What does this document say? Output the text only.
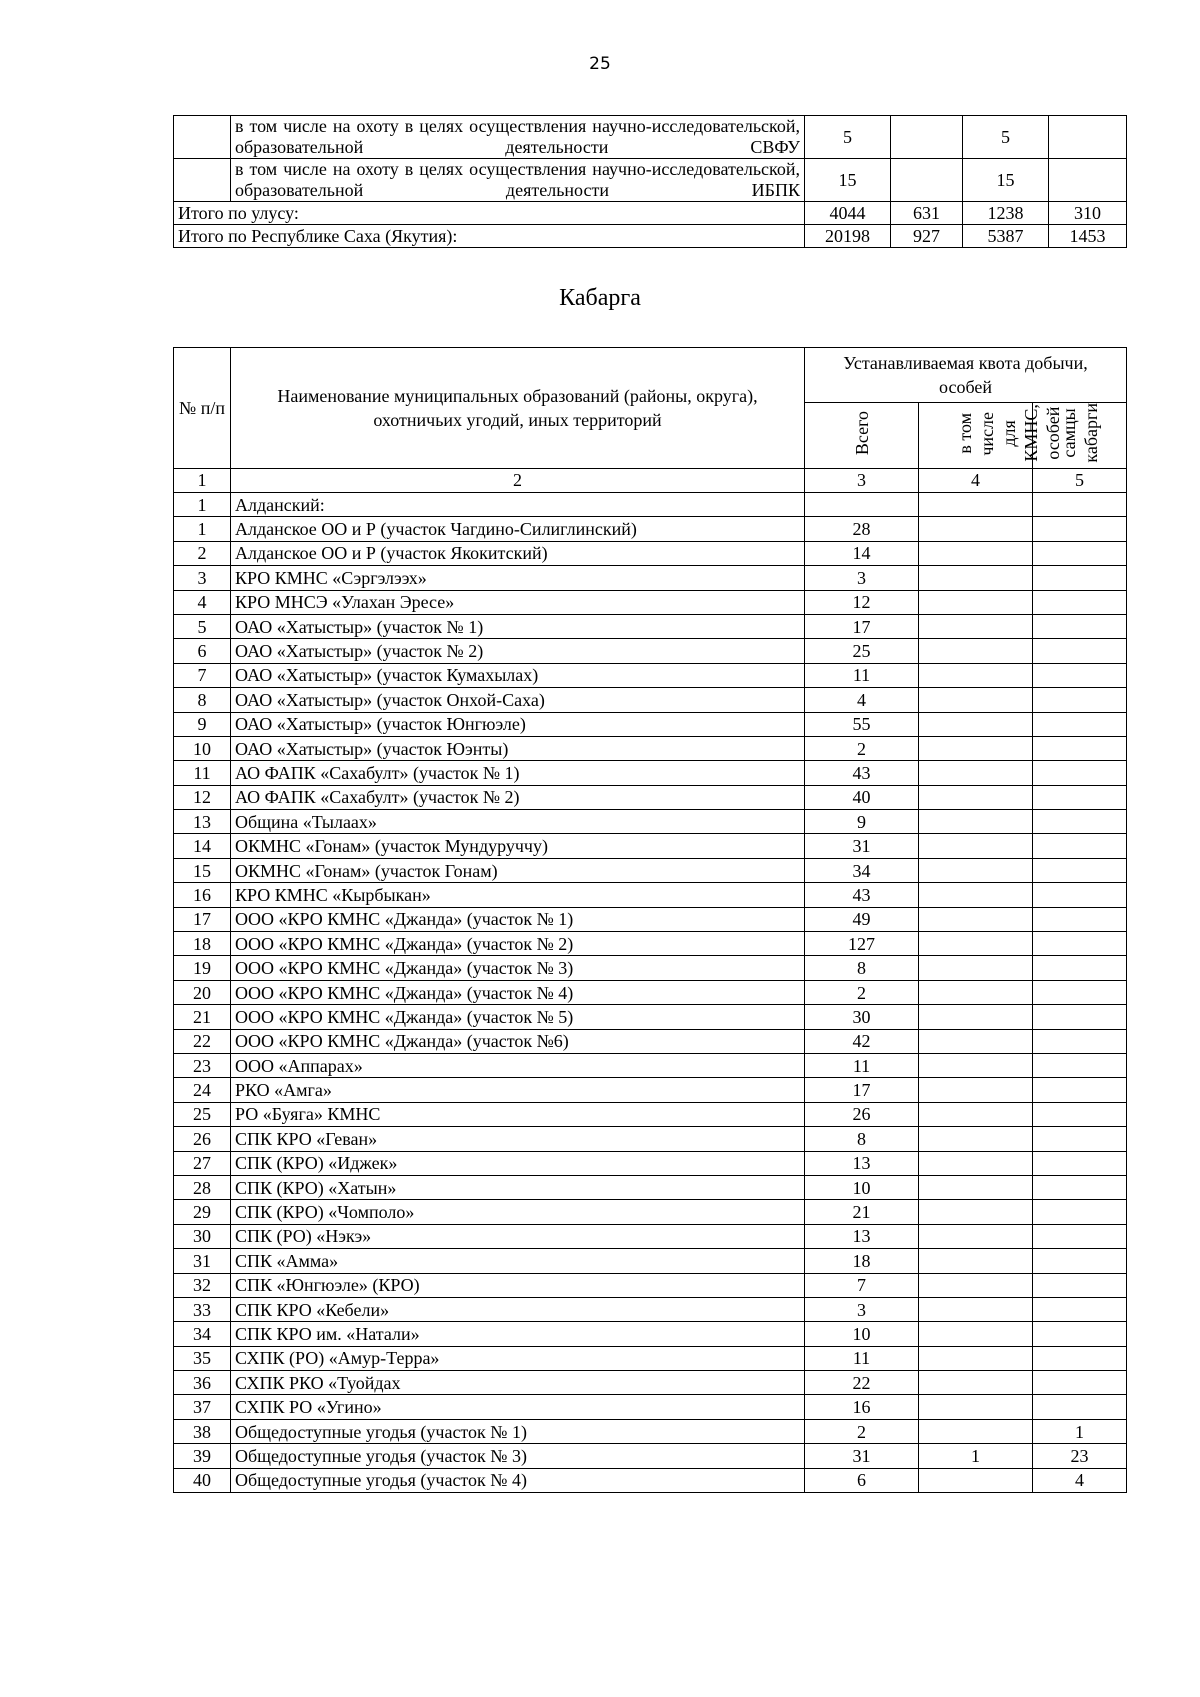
25
	в том числе на охоту в целях осуществления научно-исследовательской, образовательной деятельности СВФУ	5		5	
	в том числе на охоту в целях осуществления научно-исследовательской, образовательной деятельности ИБПК	15		15	
Итого по улусу:		4044	631	1238	310
Итого по Республике Саха (Якутия):		20198	927	5387	1453
Кабарга
№ п/п	Наименование муниципальных образований (районы, округа), охотничьих угодий, иных территорий	Устанавливаемая квота добычи, особей		
		Всего	в том числе для КМНС, особей	самцы кабарги
1	2	3	4	5
1	Алданский:			
1	Алданское ОО и Р (участок Чагдино-Силиглинский)	28		
2	Алданское ОО и Р (участок Якокитский)	14		
3	КРО КМНС «Сэргэлээх»	3		
4	КРО МНСЭ «Улахан Эресе»	12		
5	ОАО «Хатыстыр» (участок № 1)	17		
6	ОАО «Хатыстыр» (участок № 2)	25		
7	ОАО «Хатыстыр» (участок Кумахылах)	11		
8	ОАО «Хатыстыр» (участок Онхой-Саха)	4		
9	ОАО «Хатыстыр» (участок Юнгюэле)	55		
10	ОАО «Хатыстыр» (участок Юэнты)	2		
11	АО ФАПК «Сахабулт» (участок № 1)	43		
12	АО ФАПК «Сахабулт» (участок № 2)	40		
13	Община «Тылаах»	9		
14	ОКМНС «Гонам» (участок Мундуруччу)	31		
15	ОКМНС «Гонам» (участок Гонам)	34		
16	КРО КМНС «Кырбыкан»	43		
17	ООО «КРО КМНС «Джанда» (участок № 1)	49		
18	ООО «КРО КМНС «Джанда» (участок № 2)	127		
19	ООО «КРО КМНС «Джанда» (участок № 3)	8		
20	ООО «КРО КМНС «Джанда» (участок № 4)	2		
21	ООО «КРО КМНС «Джанда» (участок № 5)	30		
22	ООО «КРО КМНС «Джанда» (участок №6)	42		
23	ООО «Аппарах»	11		
24	РКО «Амга»	17		
25	РО «Буяга» КМНС	26		
26	СПК КРО «Геван»	8		
27	СПК (КРО) «Иджек»	13		
28	СПК (КРО) «Хатын»	10		
29	СПК (КРО) «Чомполо»	21		
30	СПК (РО) «Нэкэ»	13		
31	СПК «Амма»	18		
32	СПК «Юнгюэле» (КРО)	7		
33	СПК КРО «Кебели»	3		
34	СПК КРО им. «Натали»	10		
35	СХПК (РО) «Амур-Терра»	11		
36	СХПК РКО «Туойдах	22		
37	СХПК РО «Угино»	16		
38	Общедоступные угодья (участок № 1)	2		1
39	Общедоступные угодья (участок № 3)	31	1	23
40	Общедоступные угодья (участок № 4)	6		4
